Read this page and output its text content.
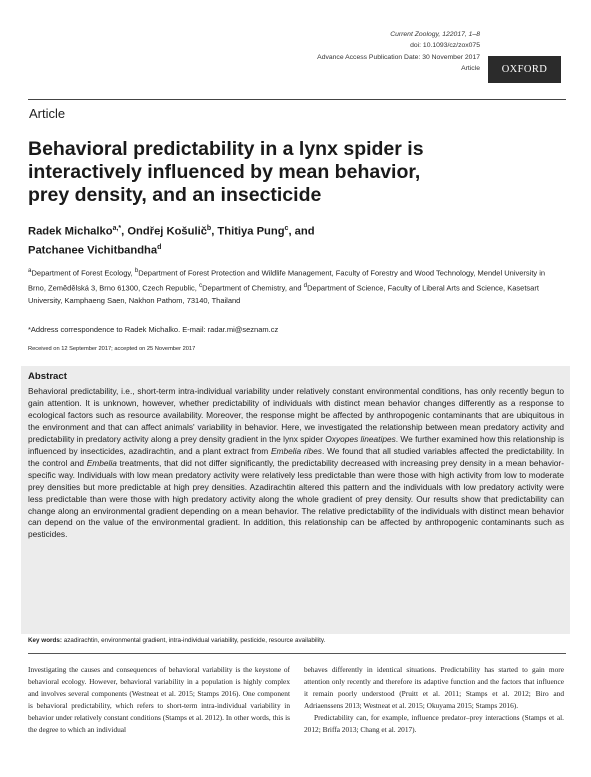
Current Zoology, 122017, 1–8
doi: 10.1093/cz/zox075
Advance Access Publication Date: 30 November 2017
Article OXFORD
Article
Behavioral predictability in a lynx spider is interactively influenced by mean behavior, prey density, and an insecticide
Radek Michalko$^{a,*}$, Ondřej Košulič$^b$, Thitiya Pung$^c$, and
Patchanee Vichitbandha$^d$
$^a$Department of Forest Ecology, $^b$Department of Forest Protection and Wildlife Management, Faculty of Forestry and Wood Technology, Mendel University in Brno, Zemědělská 3, Brno 61300, Czech Republic, $^c$Department of Chemistry, and $^d$Department of Science, Faculty of Liberal Arts and Science, Kasetsart University, Kamphaeng Saen, Nakhon Pathom, 73140, Thailand
*Address correspondence to Radek Michalko. E-mail: radar.mi@seznam.cz
Received on 12 September 2017; accepted on 25 November 2017
Abstract

Behavioral predictability, i.e., short-term intra-individual variability under relatively constant environmental conditions, has only recently begun to gain attention. It is unknown, however, whether predictability of individuals with distinct mean behavior changes differently as a response to ecological factors such as resource availability. Moreover, the response might be affected by anthropogenic contaminants that are ubiquitous in the environment and that can affect animals' variability in behavior. Here, we investigated the relationship between mean predatory activity and predictability in predatory activity along a prey density gradient in the lynx spider Oxyopes lineatipes. We further examined how this relationship is influenced by insecticides, azadirachtin, and a plant extract from Embelia ribes. We found that all studied variables affected the predictability. In the control and Embelia treatments, that did not differ significantly, the predictability decreased with increasing prey density in a mean behavior-specific way. Individuals with low mean predatory activity were relatively less predictable than were those with high activity from low to moderate prey densities but more predictable at high prey densities. Azadirachtin altered this pattern and the individuals with low predatory activity were less predictable than were those with high predatory activity along the whole gradient of prey density. Our results show that predictability can change along an environmental gradient depending on a mean behavior. The relative predictability of the individuals with distinct mean behavior can depend on the value of the environmental gradient. In addition, this relationship can be affected by anthropogenic contaminants such as pesticides.

Key words: azadirachtin, environmental gradient, intra-individual variability, pesticide, resource availability.

Investigating the causes and consequences of behavioral variability is the keystone of behavioral ecology. However, behavioral variability in a population is highly complex and involves several components (Westneat et al. 2015; Stamps 2016). One component is behavioral predictability, which refers to short-term intra-individual variability in behavior under relatively constant conditions (Stamps et al. 2012). In other words, this is the degree to which an individual

behaves differently in identical situations. Predictability has started to gain more attention only recently and therefore its adaptive function and the factors that influence it remain poorly understood (Pruitt et al. 2011; Stamps et al. 2012; Biro and Adriaenssens 2013; Westneat et al. 2015; Okuyama 2015; Stamps 2016).

Predictability can, for example, influence predator–prey interactions (Stamps et al. 2012; Briffa 2013; Chang et al. 2017).
